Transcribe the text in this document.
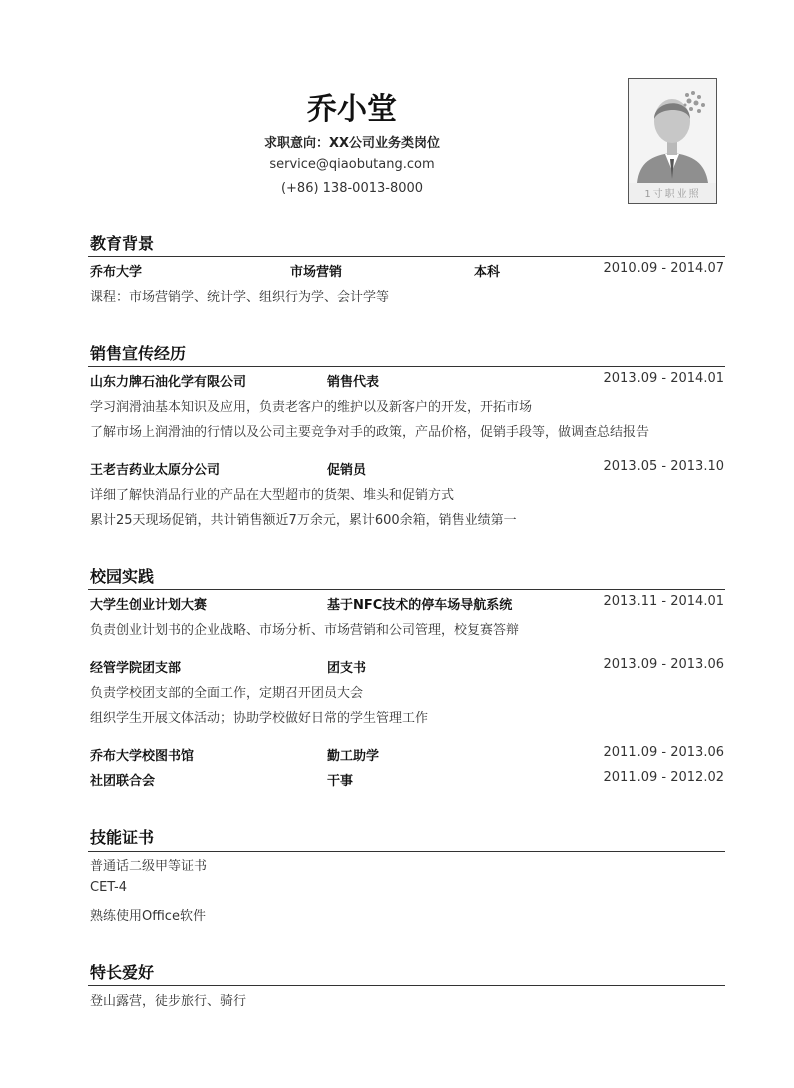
乔小堂
求职意向：XX公司业务类岗位
service@qiaobutang.com
(+86) 138-0013-8000	1寸职业照
教育背景
乔布大学	市场营销	本科	2010.09 - 2014.07
课程：市场营销学、统计学、组织行为学、会计学等
销售宣传经历
山东力牌石油化学有限公司	销售代表	2013.09 - 2014.01
学习润滑油基本知识及应用，负责老客户的维护以及新客户的开发，开拓市场
了解市场上润滑油的行情以及公司主要竞争对手的政策，产品价格，促销手段等，做调查总结报告
王老吉药业太原分公司	促销员	2013.05 - 2013.10
详细了解快消品行业的产品在大型超市的货架、堆头和促销方式
累计25天现场促销，共计销售额近7万余元，累计600余箱，销售业绩第一
校园实践
大学生创业计划大赛	基于NFC技术的停车场导航系统	2013.11 - 2014.01
负责创业计划书的企业战略、市场分析、市场营销和公司管理，校复赛答辩
经管学院团支部	团支书	2013.09 - 2013.06
负责学校团支部的全面工作，定期召开团员大会
组织学生开展文体活动；协助学校做好日常的学生管理工作
乔布大学校图书馆	勤工助学	2011.09 - 2013.06
社团联合会	干事	2011.09 - 2012.02
技能证书
普通话二级甲等证书
CET-4
熟练使用Office软件
特长爱好
登山露营，徒步旅行、骑行
